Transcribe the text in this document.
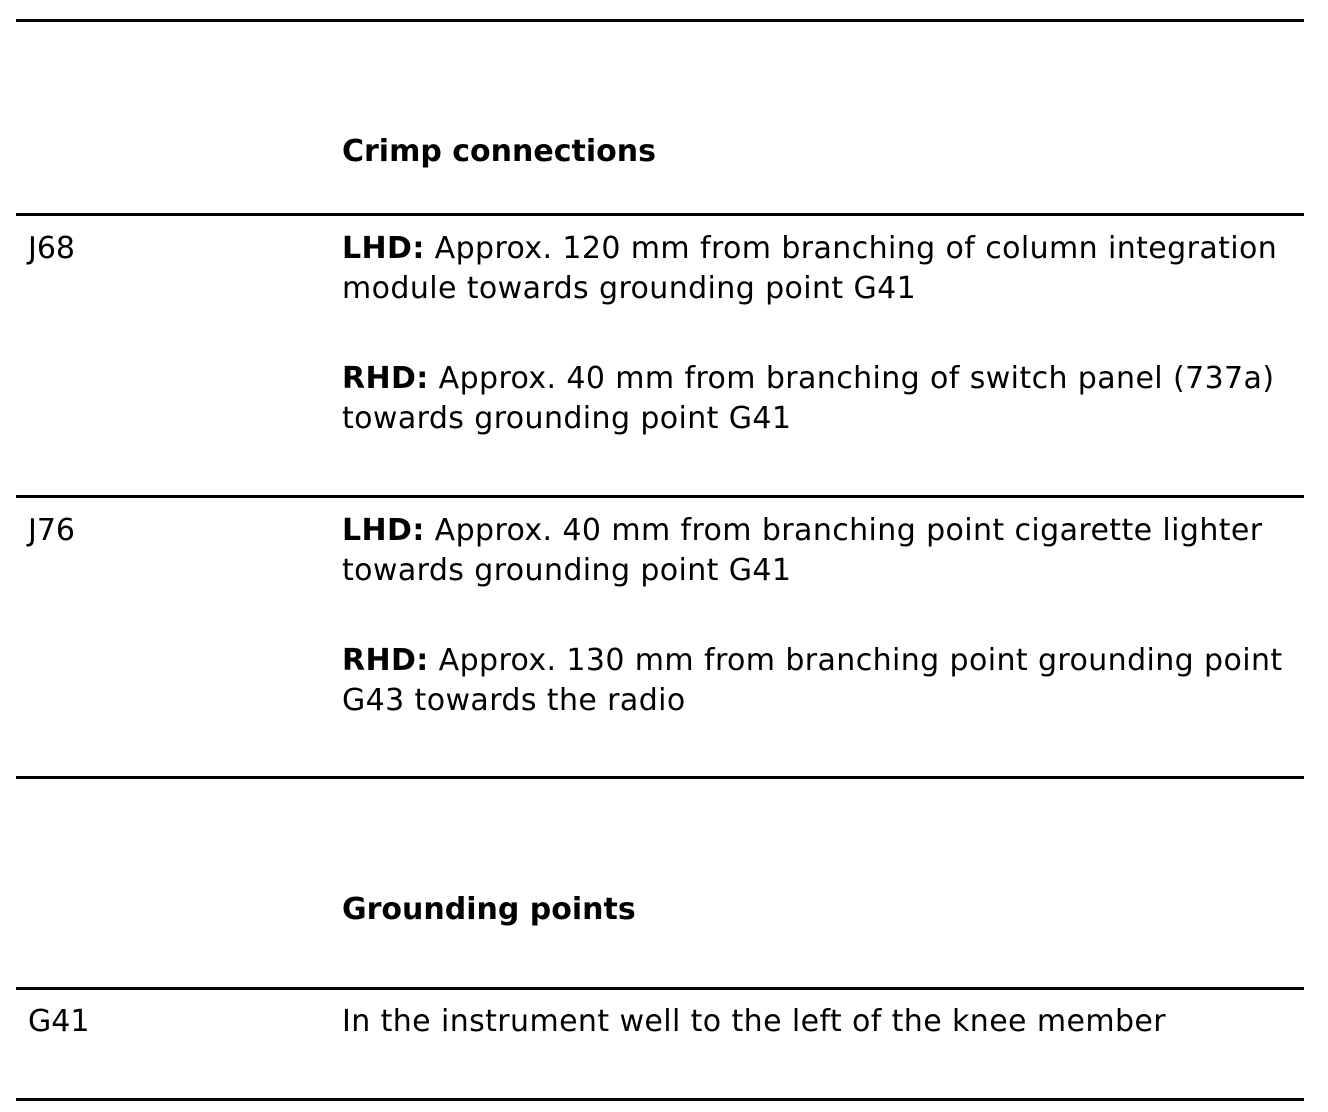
Crimp connections
J68	LHD: Approx. 120 mm from branching of column integration module towards grounding point G41
RHD: Approx. 40 mm from branching of switch panel (737a) towards grounding point G41
J76	LHD: Approx. 40 mm from branching point cigarette lighter towards grounding point G41
RHD: Approx. 130 mm from branching point grounding point G43 towards the radio
Grounding points
G41	In the instrument well to the left of the knee member
